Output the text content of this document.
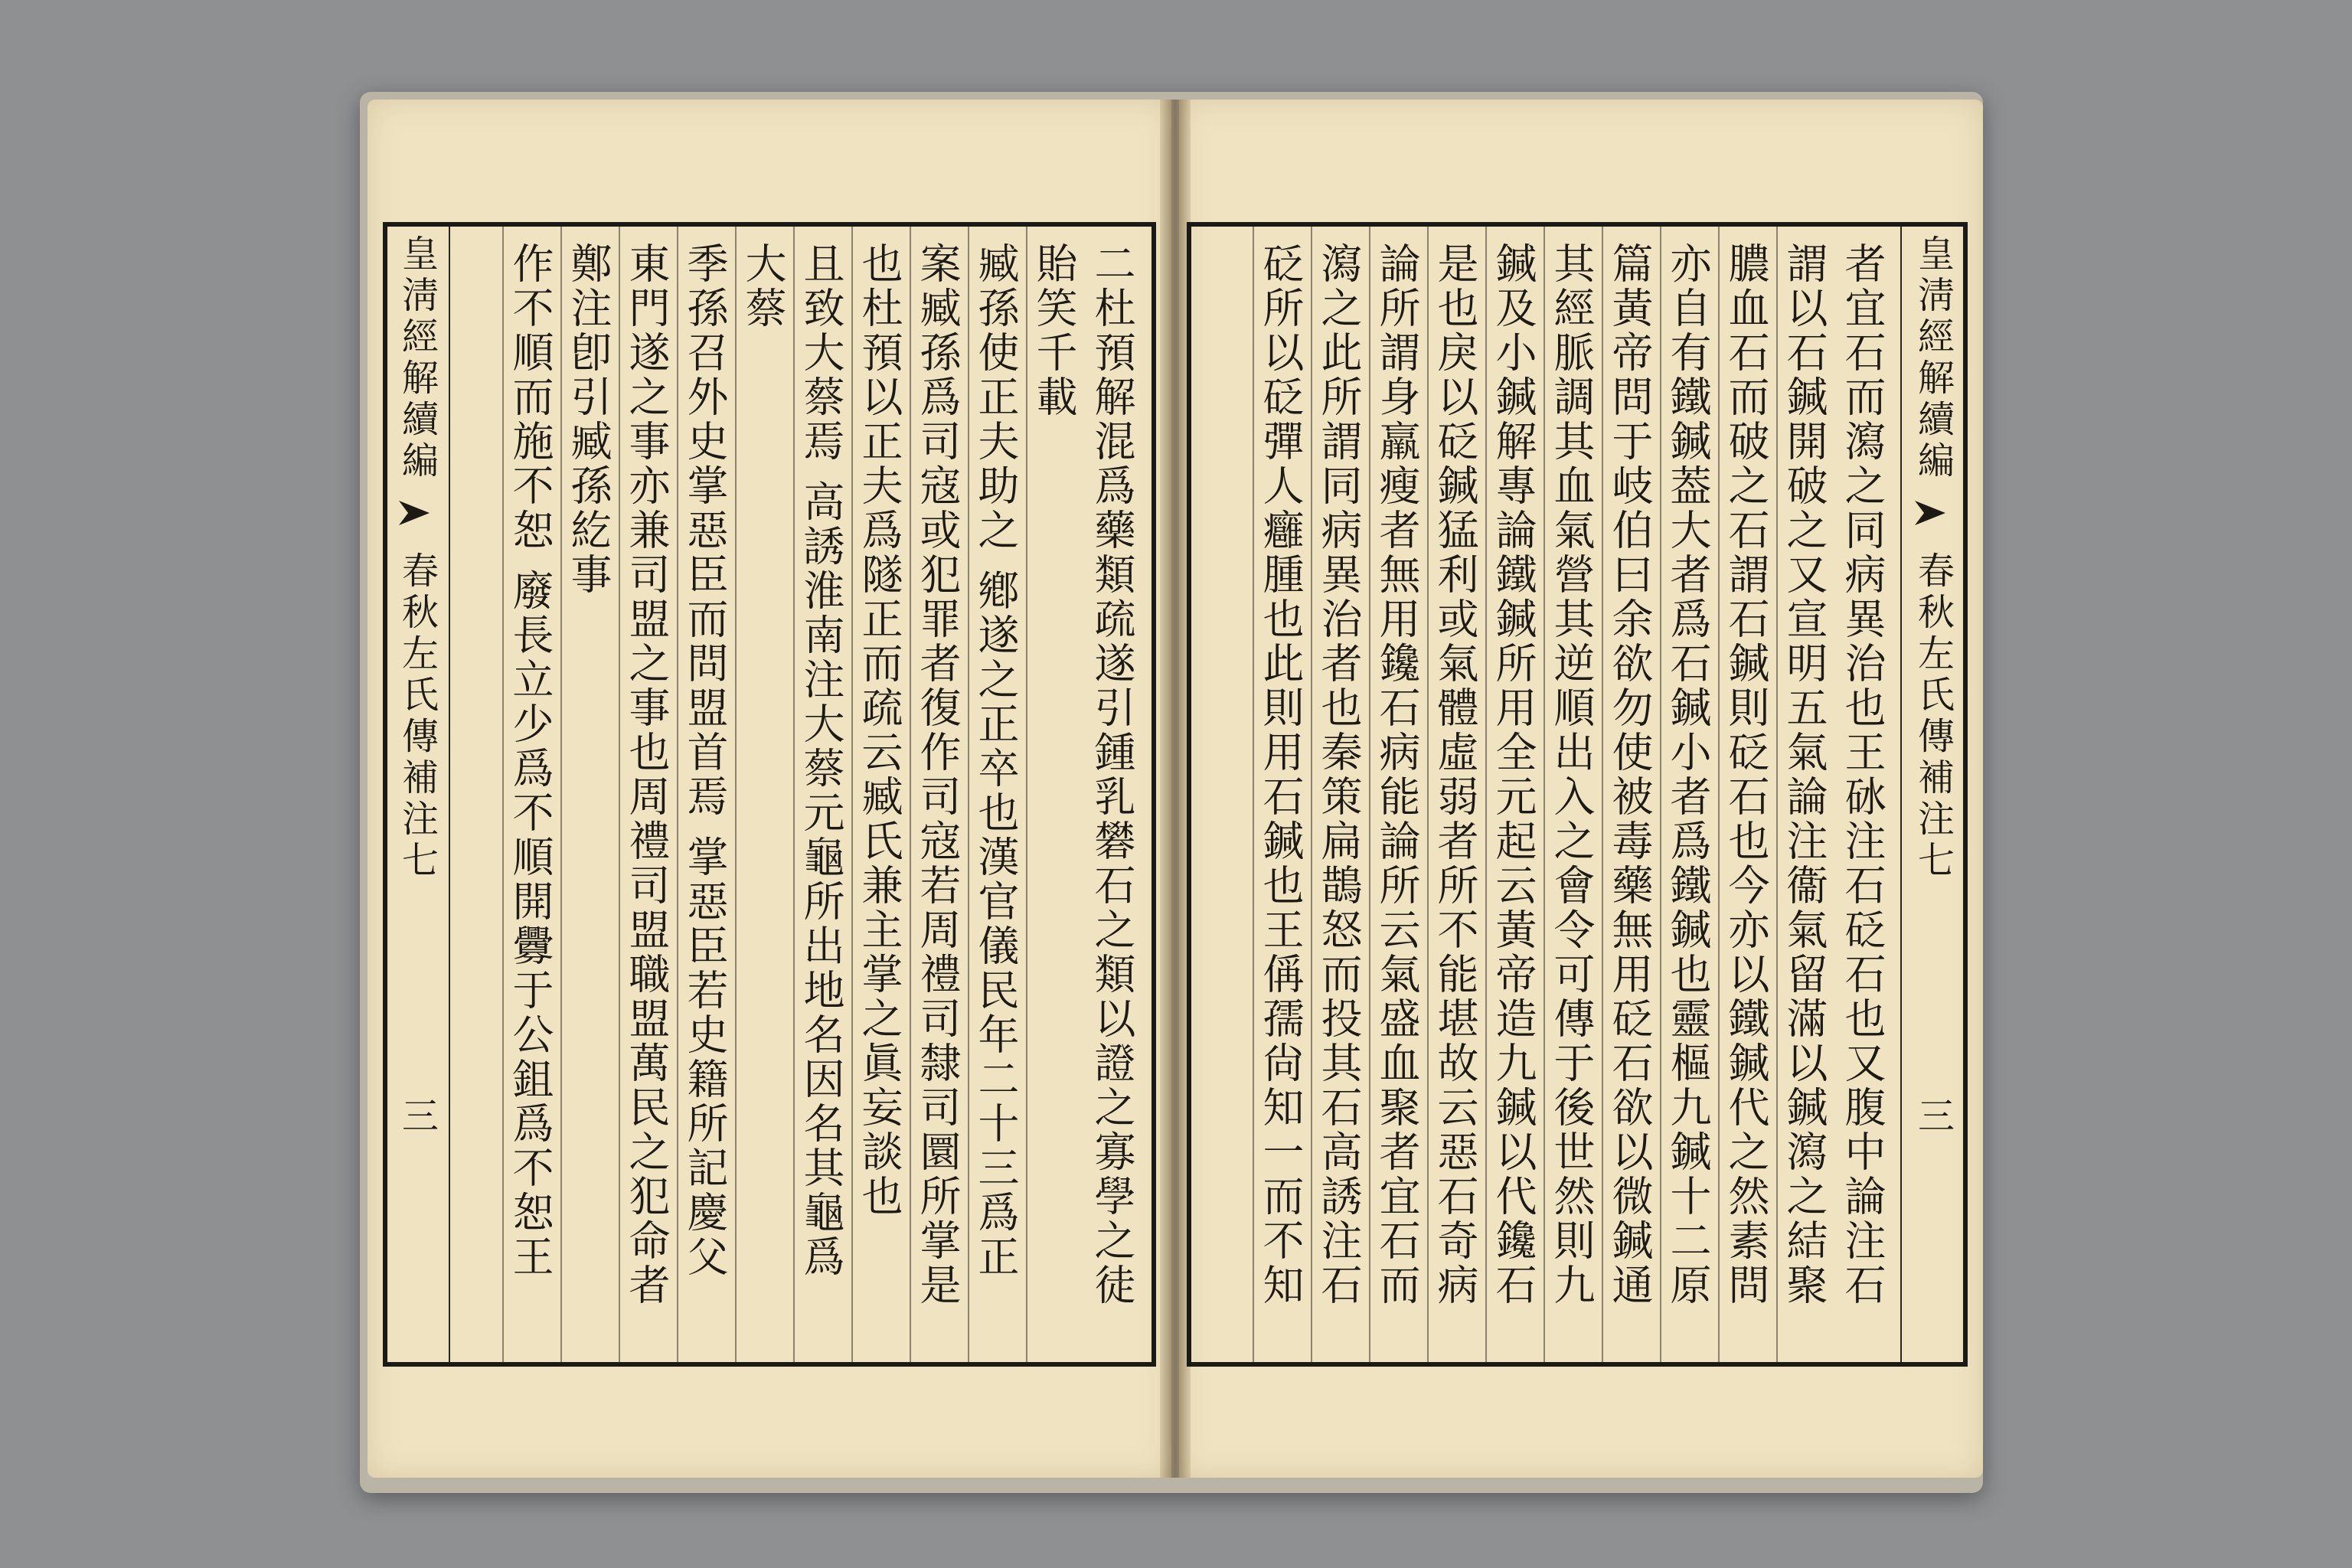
皇淸經解續編
春秋左氏傳補注七
三	二杜預解混爲藥類疏遂引鍾乳礬石之類以證之寡學之徒
貽笑千載
臧孫使正夫助之 鄕遂之正卒也漢官儀民年二十三爲正
案臧孫爲司寇或犯罪者復作司寇若周禮司隸司圜所掌是
也杜預以正夫爲隧正而疏云臧氏兼主掌之眞妄談也
且致大蔡焉 高誘淮南注大蔡元龜所出地名因名其龜爲
大蔡
季孫召外史掌惡臣而問盟首焉 掌惡臣若史籍所記慶父
東門遂之事亦兼司盟之事也周禮司盟職盟萬民之犯命者
鄭注卽引臧孫紇事
作不順而施不恕 廢長立少爲不順開釁于公鉏爲不恕王	皇淸經解續編
春秋左氏傳補注七
三
者宜石而瀉之同病異治也王砅注石砭石也又腹中論注石
謂以石鍼開破之又宣明五氣論注衞氣留滿以鍼瀉之結聚
膿血石而破之石謂石鍼則砭石也今亦以鐵鍼代之然素問
亦自有鐵鍼葢大者爲石鍼小者爲鐵鍼也靈樞九鍼十二原
篇黃帝問于岐伯曰余欲勿使被毒藥無用砭石欲以微鍼通
其經脈調其血氣營其逆順出入之會令可傳于後世然則九
鍼及小鍼解專論鐵鍼所用全元起云黃帝造九鍼以代鑱石
是也戾以砭鍼猛利或氣體虛弱者所不能堪故云惡石奇病
論所謂身羸瘦者無用鑱石病能論所云氣盛血聚者宜石而
瀉之此所謂同病異治者也秦策扁鵲怒而投其石高誘注石
砭所以砭彈人癰腫也此則用石鍼也王偁孺尙知一而不知
